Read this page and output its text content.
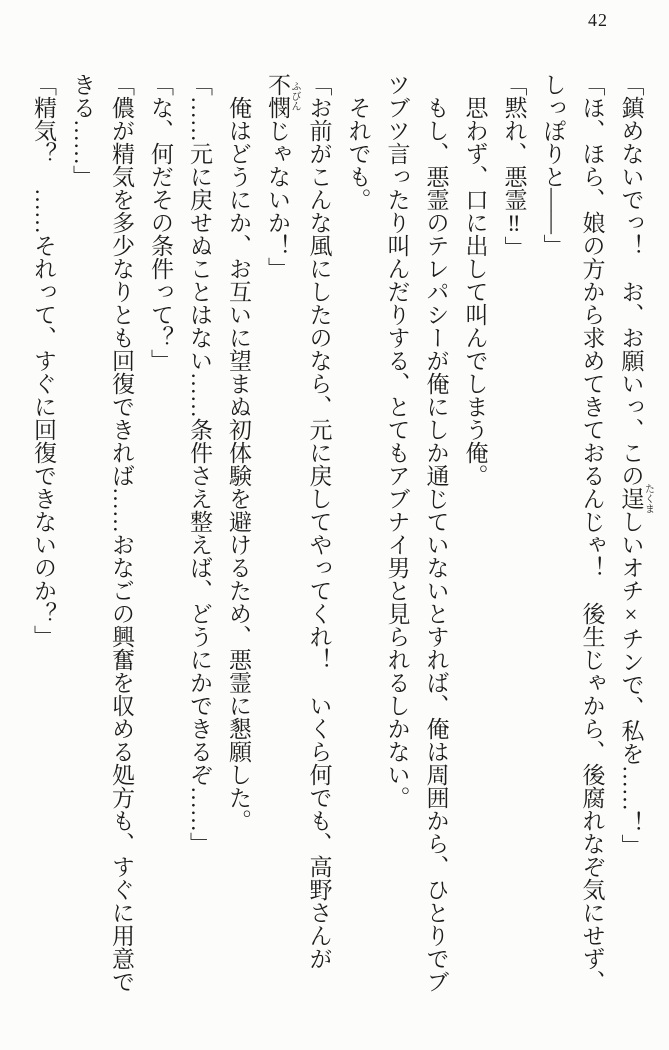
42

「鎮めないでっ！　お、お願いっ、この逞 たくましいオチ×チンで、私を……！」

「ほ、ほら、娘の方から求めてきておるんじゃ！　後生じゃから、後腐れなぞ気にせず、

しっぽりと――」

「黙れ、悪霊‼」

思わず、口に出して叫んでしまう俺。

もし、悪霊のテレパシーが俺にしか通じていないとすれば、俺は周囲から、ひとりでブ

ツブツ言ったり叫んだりする、とてもアブナイ男と見られるしかない。

それでも。

「お前がこんな風にしたのなら、元に戻してやってくれ！　いくら何でも、高野さんが

不憫 ふびんじゃないか！」

俺はどうにか、お互いに望まぬ初体験を避けるため、悪霊に懇願した。

「……元に戻せぬことはない……条件さえ整えば、どうにかできるぞ……」

「な、何だその条件って？」

「儂が精気を多少なりとも回復できれば……おなごの興奮を収める処方も、すぐに用意で

きる……」

「精気？　……それって、すぐに回復できないのか？」
